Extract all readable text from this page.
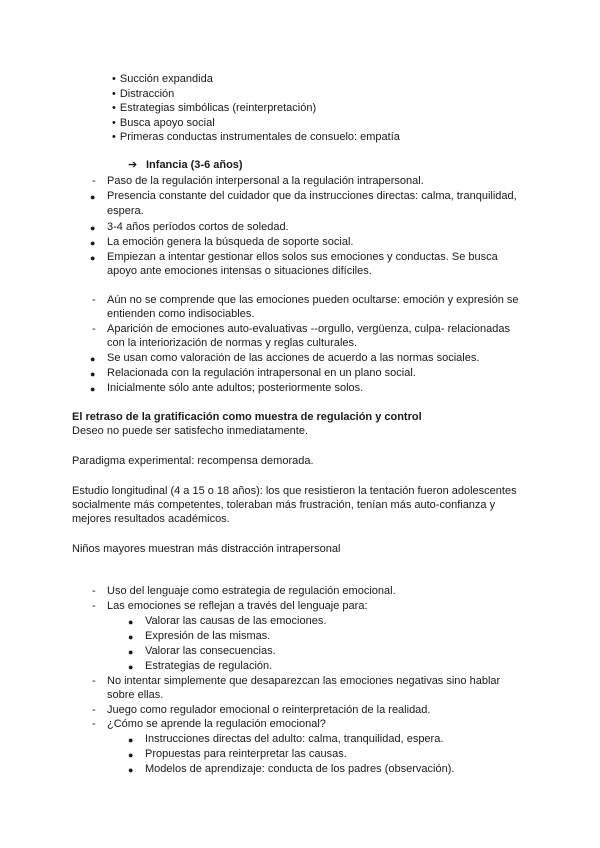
• Succión expandida
• Distracción
• Estrategias simbólicas (reinterpretación)
• Busca apoyo social
• Primeras conductas instrumentales de consuelo: empatía
➔ Infancia (3-6 años)
- Paso de la regulación interpersonal a la regulación intrapersonal.
● Presencia constante del cuidador que da instrucciones directas: calma, tranquilidad,
espera.
● 3-4 años períodos cortos de soledad.
● La emoción genera la búsqueda de soporte social.
● Empiezan a intentar gestionar ellos solos sus emociones y conductas. Se busca
apoyo ante emociones intensas o situaciones difíciles.
- Aún no se comprende que las emociones pueden ocultarse: emoción y expresión se
entienden como indisociables.
- Aparición de emociones auto-evaluativas --orgullo, vergüenza, culpa- relacionadas
con la interiorización de normas y reglas culturales.
● Se usan como valoración de las acciones de acuerdo a las normas sociales.
● Relacionada con la regulación intrapersonal en un plano social.
● Inicialmente sólo ante adultos; posteriormente solos.
El retraso de la gratificación como muestra de regulación y control
Deseo no puede ser satisfecho inmediatamente.
Paradigma experimental: recompensa demorada.
Estudio longitudinal (4 a 15 o 18 años): los que resistieron la tentación fueron adolescentes
socialmente más competentes, toleraban más frustración, tenían más auto-confianza y
mejores resultados académicos.
Niños mayores muestran más distracción intrapersonal
- Uso del lenguaje como estrategia de regulación emocional.
- Las emociones se reflejan a través del lenguaje para:
● Valorar las causas de las emociones.
● Expresión de las mismas.
● Valorar las consecuencias.
● Estrategias de regulación.
- No intentar simplemente que desaparezcan las emociones negativas sino hablar
sobre ellas.
- Juego como regulador emocional o reinterpretación de la realidad.
- ¿Cómo se aprende la regulación emocional?
● Instrucciones directas del adulto: calma, tranquilidad, espera.
● Propuestas para reinterpretar las causas.
● Modelos de aprendizaje: conducta de los padres (observación).
